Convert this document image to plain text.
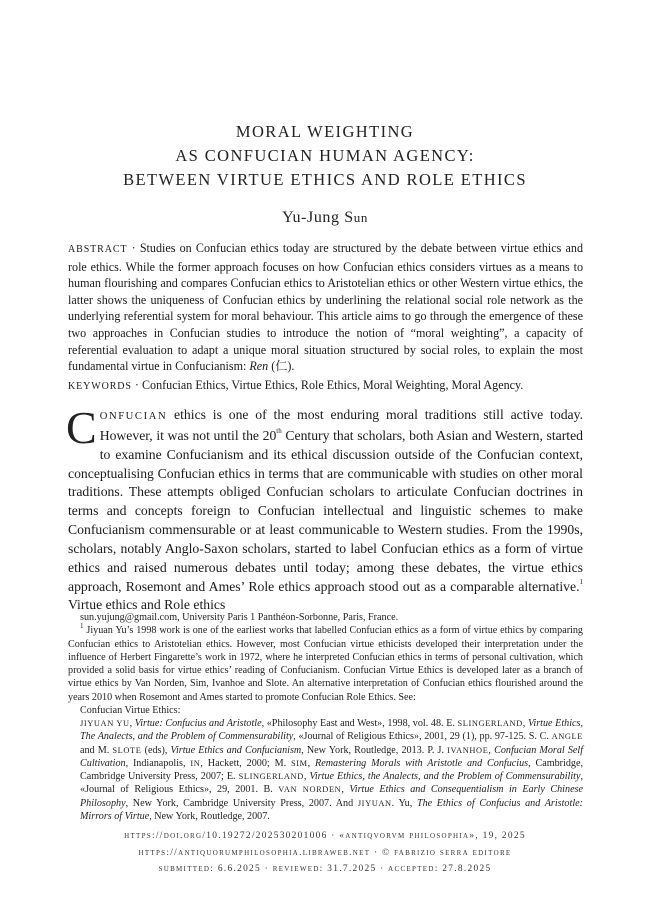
MORAL WEIGHTING
AS CONFUCIAN HUMAN AGENCY:
BETWEEN VIRTUE ETHICS AND ROLE ETHICS
Yu-Jung Sun
ABSTRACT · Studies on Confucian ethics today are structured by the debate between virtue ethics and role ethics. While the former approach focuses on how Confucian ethics considers virtues as a means to human flourishing and compares Confucian ethics to Aristotelian ethics or other Western virtue ethics, the latter shows the uniqueness of Confucian ethics by underlining the relational social role network as the underlying referential system for moral behaviour. This article aims to go through the emergence of these two approaches in Confucian studies to introduce the notion of “moral weighting”, a capacity of referential evaluation to adapt a unique moral situation structured by social roles, to explain the most fundamental virtue in Confucianism: Ren (仁).
KEYWORDS · Confucian Ethics, Virtue Ethics, Role Ethics, Moral Weighting, Moral Agency.
CONFUCIAN ethics is one of the most enduring moral traditions still active today. However, it was not until the 20th Century that scholars, both Asian and Western, started to examine Confucianism and its ethical discussion outside of the Confucian context, conceptualising Confucian ethics in terms that are communicable with studies on other moral traditions. These attempts obliged Confucian scholars to articulate Confucian doctrines in terms and concepts foreign to Confucian intellectual and linguistic schemes to make Confucianism commensurable or at least communicable to Western studies. From the 1990s, scholars, notably Anglo-Saxon scholars, started to label Confucian ethics as a form of virtue ethics and raised numerous debates until today; among these debates, the virtue ethics approach, Rosemont and Ames’ Role ethics approach stood out as a comparable alternative.$^1$ Virtue ethics and Role ethics
sun.yujung@gmail.com, University Paris 1 Panthéon-Sorbonne, Paris, France.

$^1$ Jiyuan Yu’s 1998 work is one of the earliest works that labelled Confucian ethics as a form of virtue ethics by comparing Confucian ethics to Aristotelian ethics. However, most Confucian virtue ethicists developed their interpretation under the influence of Herbert Fingarette’s work in 1972, where he interpreted Confucian ethics in terms of personal cultivation, which provided a solid basis for virtue ethics’ reading of Confucianism. Confucian Virtue Ethics is developed later as a branch of virtue ethics by Van Norden, Sim, Ivanhoe and Slote. An alternative interpretation of Confucian ethics flourished around the years 2010 when Rosemont and Ames started to promote Confucian Role Ethics. See:

Confucian Virtue Ethics:

JIYUAN YU, Virtue: Confucius and Aristotle, «Philosophy East and West», 1998, vol. 48. E. SLINGERLAND, Virtue Ethics, The Analects, and the Problem of Commensurability, «Journal of Religious Ethics», 2001, 29 (1), pp. 97-125. S. C. ANGLE and M. SLOTE (eds), Virtue Ethics and Confucianism, New York, Routledge, 2013. P. J. IVANHOE, Confucian Moral Self Cultivation, Indianapolis, IN, Hackett, 2000; M. SIM, Remastering Morals with Aristotle and Confucius, Cambridge, Cambridge University Press, 2007; E. SLINGERLAND, Virtue Ethics, the Analects, and the Problem of Commensurability, «Journal of Religious Ethics», 29, 2001. B. VAN NORDEN, Virtue Ethics and Consequentialism in Early Chinese Philosophy, New York, Cambridge University Press, 2007. And JIYUAN. Yu, The Ethics of Confucius and Aristotle: Mirrors of Virtue, New York, Routledge, 2007.

https://doi.org/10.19272/202530201006 · «antiqvorvm philosophia», 19, 2025
https://antiquorumphilosophia.libraweb.net · © fabrizio serra editore
submitted: 6.6.2025 · reviewed: 31.7.2025 · accepted: 27.8.2025
